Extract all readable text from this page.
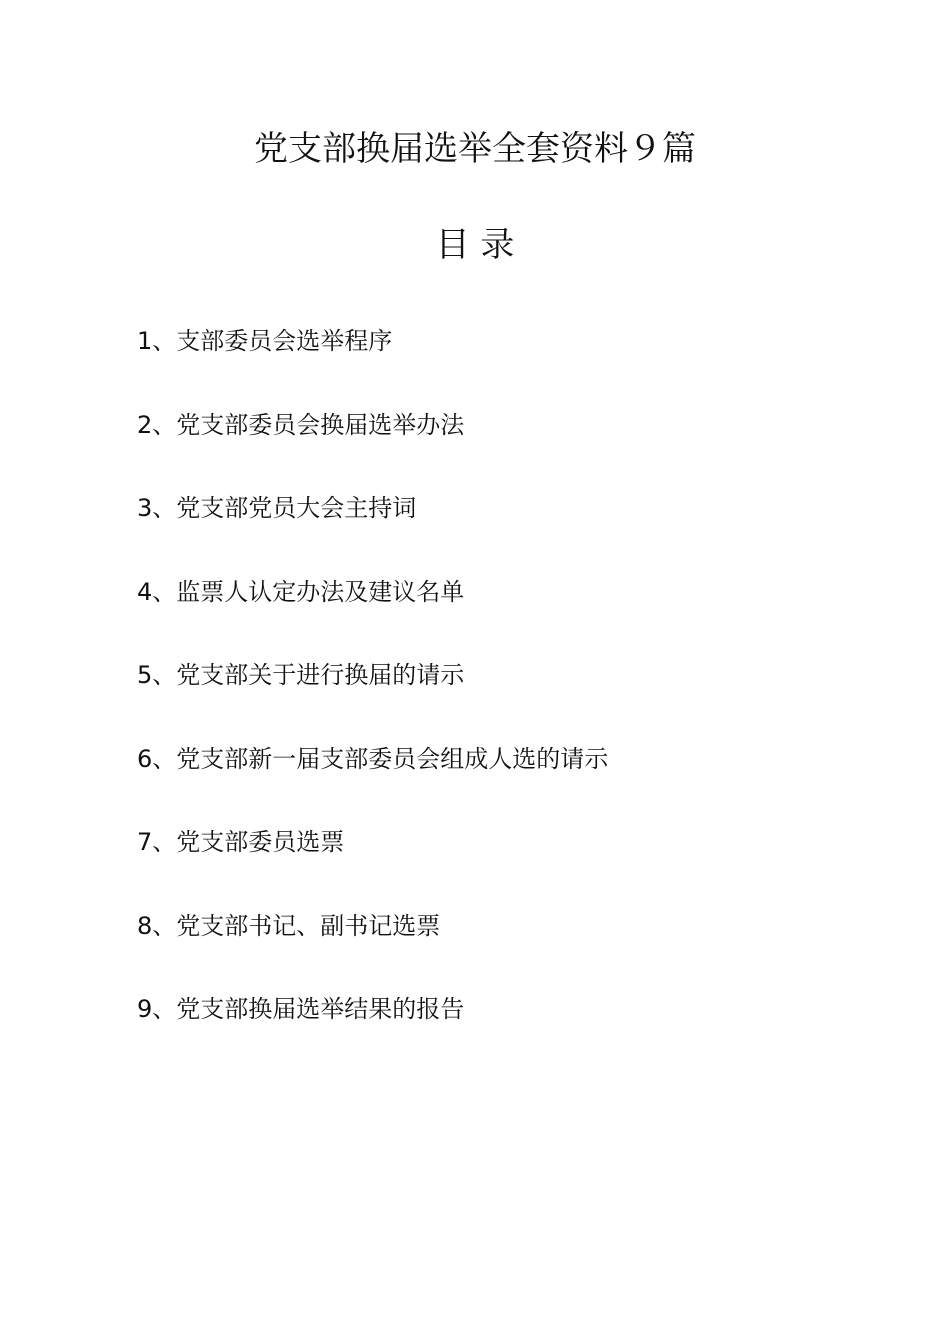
党支部换届选举全套资料９篇
目 录
1、支部委员会选举程序
2、党支部委员会换届选举办法
3、党支部党员大会主持词
4、监票人认定办法及建议名单
5、党支部关于进行换届的请示
6、党支部新一届支部委员会组成人选的请示
7、党支部委员选票
8、党支部书记、副书记选票
9、党支部换届选举结果的报告
